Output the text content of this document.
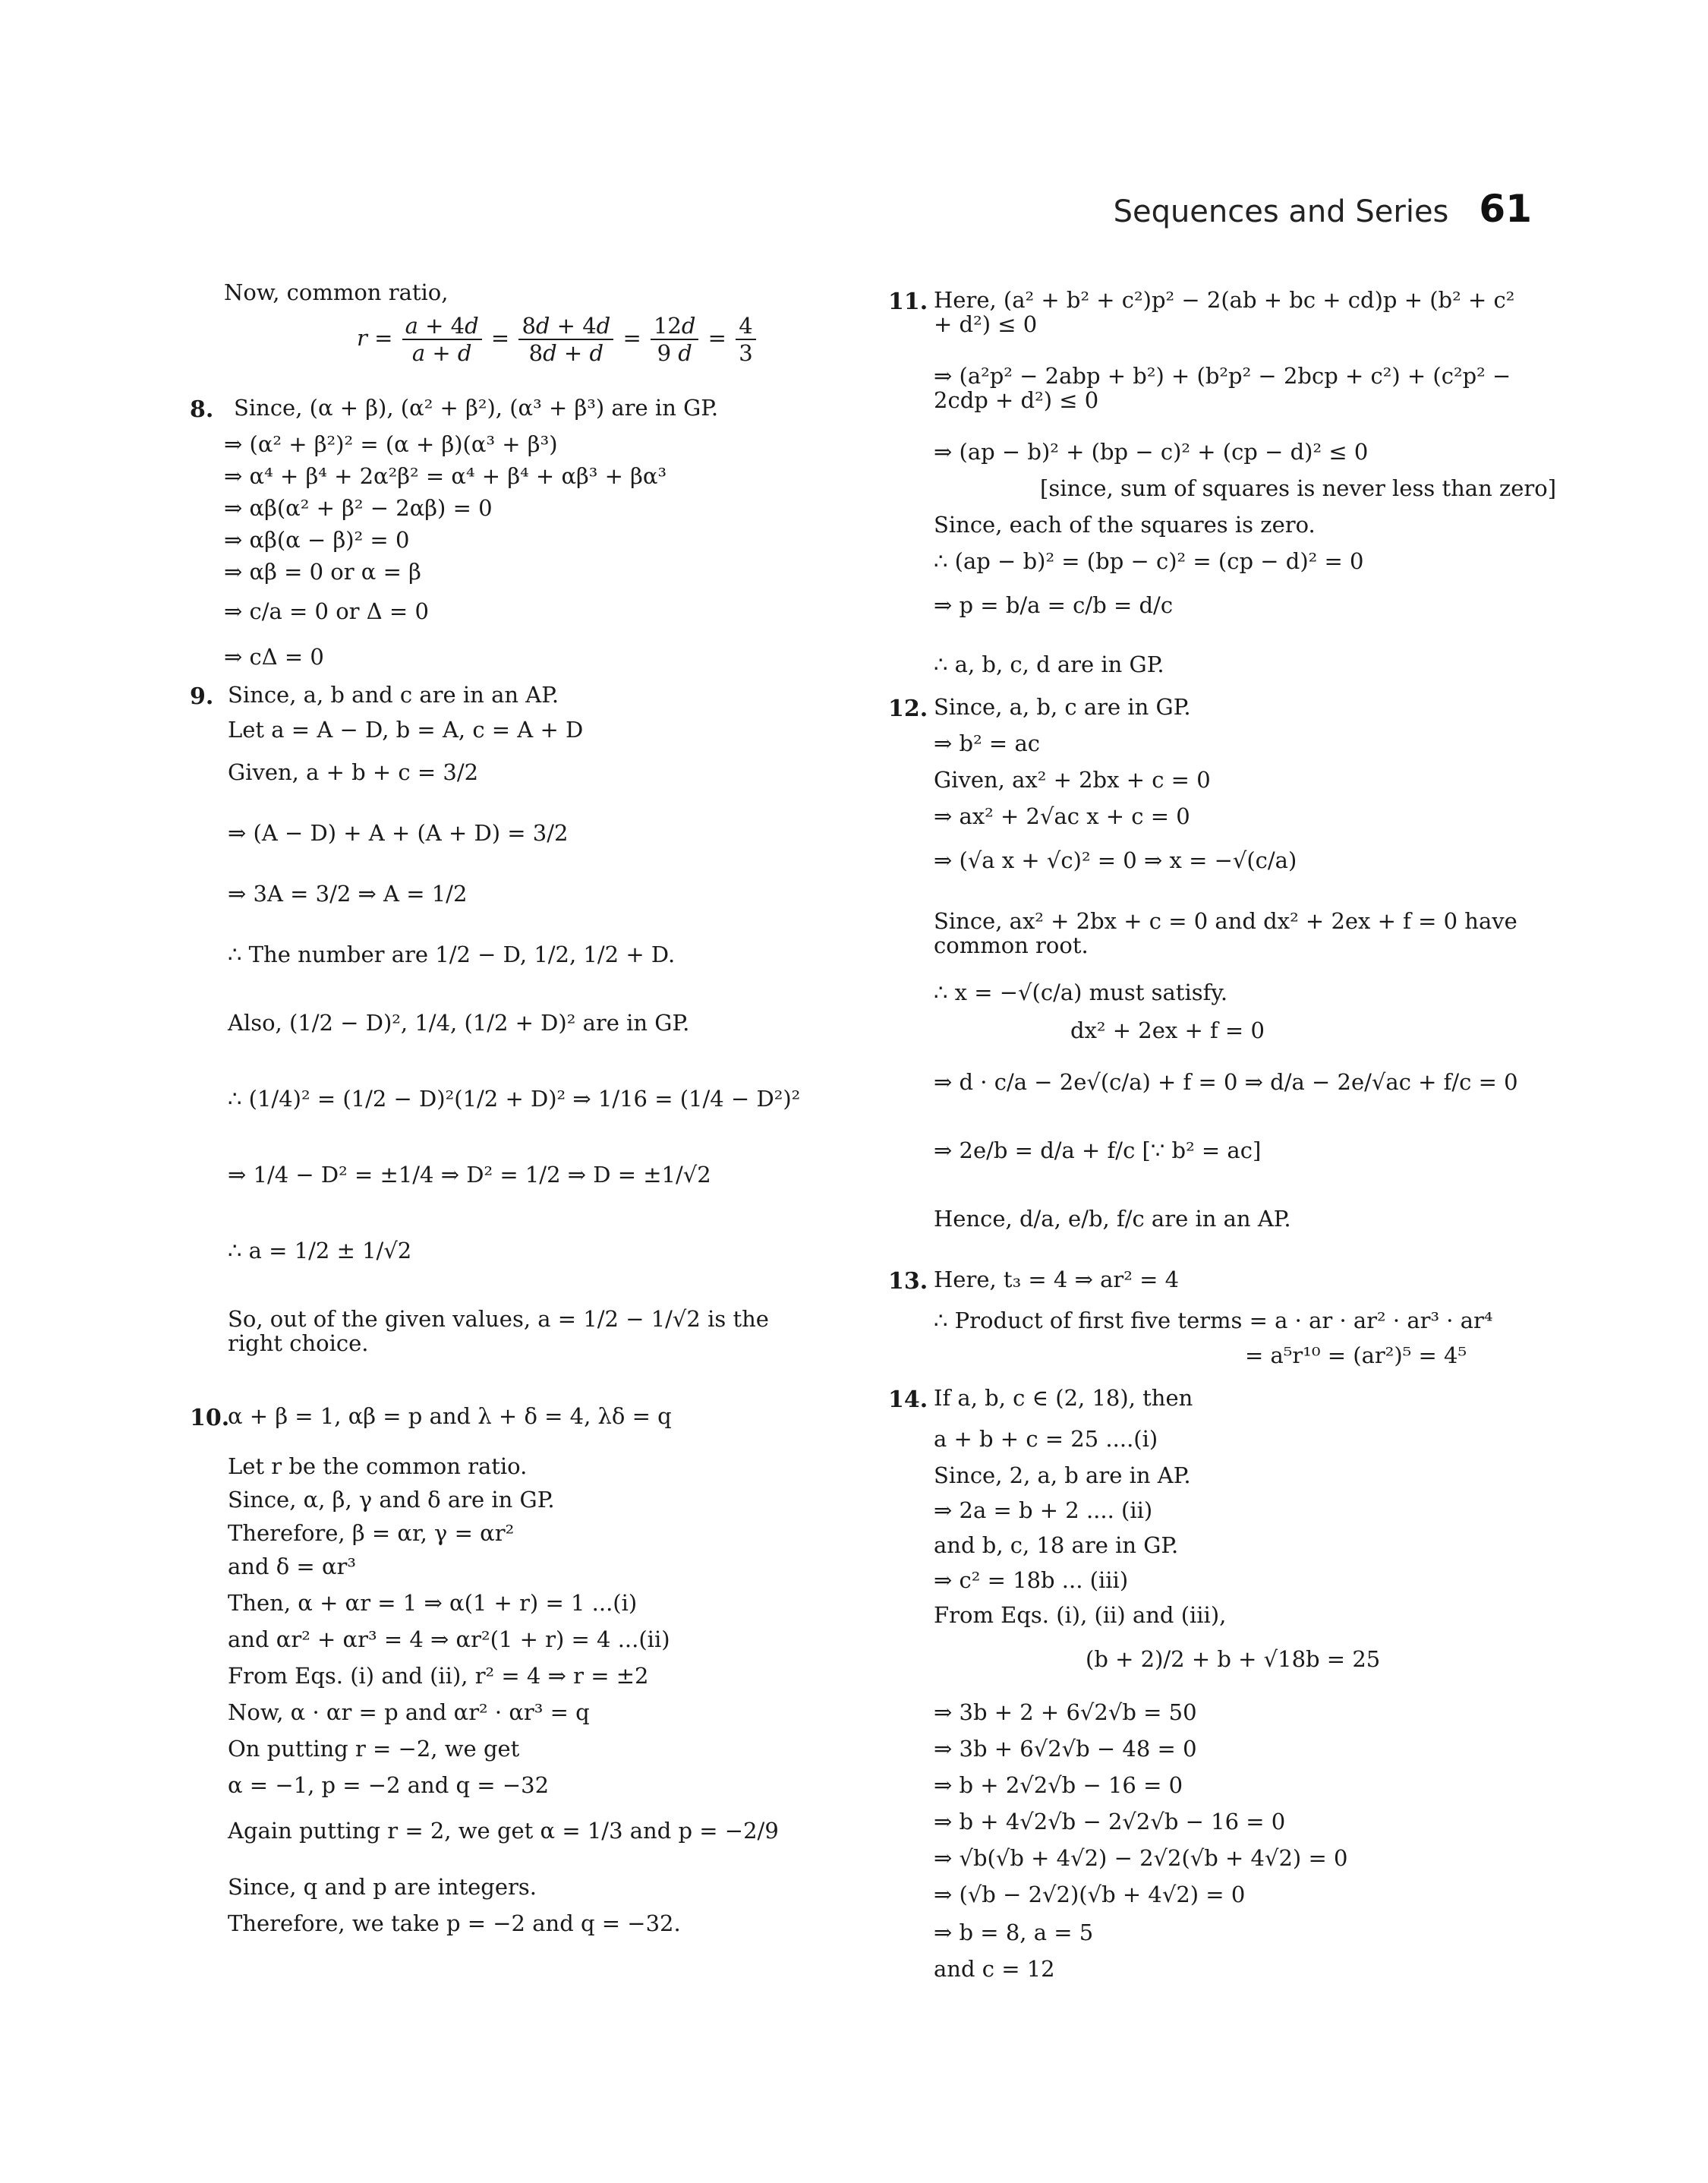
Sequences and Series 61
Now, common ratio,
$r = \frac{a + 4d}{a + d} = \frac{8d + 4d}{8d + d} = \frac{12d}{9 d} = \frac{4}{3}$
8. Since, (α + β), (α² + β²), (α³ + β³) are in GP.
⇒ (α² + β²)² = (α + β)(α³ + β³)
⇒ α⁴ + β⁴ + 2α²β² = α⁴ + β⁴ + αβ³ + βα³
⇒ αβ(α² + β² − 2αβ) = 0
⇒ αβ(α − β)² = 0
⇒ αβ = 0 or α = β
⇒ c/a = 0 or Δ = 0
⇒ cΔ = 0
9. Since, a, b and c are in an AP.
Let a = A − D, b = A, c = A + D
Given, a + b + c = 3/2
⇒ (A − D) + A + (A + D) = 3/2
⇒ 3A = 3/2 ⇒ A = 1/2
∴ The number are 1/2 − D, 1/2, 1/2 + D.
Also, (1/2 − D)², 1/4, (1/2 + D)² are in GP.
∴ (1/4)² = (1/2 − D)²(1/2 + D)² ⇒ 1/16 = (1/4 − D²)²
⇒ 1/4 − D² = ±1/4 ⇒ D² = 1/2 ⇒ D = ±1/√2
∴ a = 1/2 ± 1/√2
So, out of the given values, a = 1/2 − 1/√2 is the right choice.
10.
α + β = 1, αβ = p and λ + δ = 4, λδ = q
Let r be the common ratio.
Since, α, β, γ and δ are in GP.
Therefore, β = αr, γ = αr²
and δ = αr³
Then, α + αr = 1 ⇒ α(1 + r) = 1 ...(i)
and αr² + αr³ = 4 ⇒ αr²(1 + r) = 4 ...(ii)
From Eqs. (i) and (ii), r² = 4 ⇒ r = ±2
Now, α · αr = p and αr² · αr³ = q
On putting r = −2, we get
α = −1, p = −2 and q = −32
Again putting r = 2, we get α = 1/3 and p = −2/9
Since, q and p are integers.
Therefore, we take p = −2 and q = −32.
11. Here, (a² + b² + c²)p² − 2(ab + bc + cd)p + (b² + c² + d²) ≤ 0
⇒ (a²p² − 2abp + b²) + (b²p² − 2bcp + c²) + (c²p² − 2cdp + d²) ≤ 0
⇒ (ap − b)² + (bp − c)² + (cp − d)² ≤ 0
[since, sum of squares is never less than zero]
Since, each of the squares is zero.
∴ (ap − b)² = (bp − c)² = (cp − d)² = 0
⇒ p = b/a = c/b = d/c
∴ a, b, c, d are in GP.
12. Since, a, b, c are in GP.
⇒ b² = ac
Given, ax² + 2bx + c = 0
⇒ ax² + 2√ac x + c = 0
⇒ (√a x + √c)² = 0 ⇒ x = −√(c/a)
Since, ax² + 2bx + c = 0 and dx² + 2ex + f = 0 have common root.
∴ x = −√(c/a) must satisfy.
dx² + 2ex + f = 0
⇒ d · c/a − 2e√(c/a) + f = 0 ⇒ d/a − 2e/√ac + f/c = 0
⇒ 2e/b = d/a + f/c [∵ b² = ac]
Hence, d/a, e/b, f/c are in an AP.
13. Here, t₃ = 4 ⇒ ar² = 4
∴ Product of first five terms = a · ar · ar² · ar³ · ar⁴
= a⁵r¹⁰ = (ar²)⁵ = 4⁵
14. If a, b, c ∈ (2, 18), then
a + b + c = 25 ....(i)
Since, 2, a, b are in AP.
⇒ 2a = b + 2 .... (ii)
and b, c, 18 are in GP.
⇒ c² = 18b ... (iii)
From Eqs. (i), (ii) and (iii),
(b + 2)/2 + b + √18b = 25
⇒ 3b + 2 + 6√2√b = 50
⇒ 3b + 6√2√b − 48 = 0
⇒ b + 2√2√b − 16 = 0
⇒ b + 4√2√b − 2√2√b − 16 = 0
⇒ √b(√b + 4√2) − 2√2(√b + 4√2) = 0
⇒ (√b − 2√2)(√b + 4√2) = 0
⇒ b = 8, a = 5
and c = 12
